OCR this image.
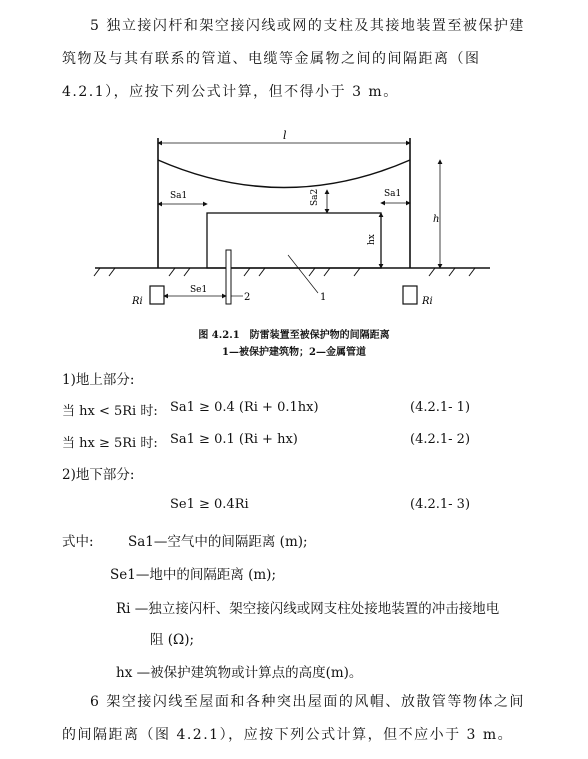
5 独立接闪杆和架空接闪线或网的支柱及其接地装置至被保护建筑物及与其有联系的管道、电缆等金属物之间的间隔距离（图 4.2.1），应按下列公式计算，但不得小于 3 m。

l
Sa1	Sa1
Sa2
hx
h
2	1
Ri	Ri
Se1
图 4.2.1　防雷装置至被保护物的间隔距离
1—被保护建筑物；2—金属管道
1)地上部分:
当 hx < 5Ri 时: Sa1 ≥ 0.4 (Ri + 0.1hx)	(4.2.1- 1)
当 hx ≥ 5Ri 时: Sa1 ≥ 0.1 (Ri + hx)	(4.2.1- 2)
2)地下部分:
Se1 ≥ 0.4Ri	(4.2.1- 3)
式中:	Sa1—空气中的间隔距离 (m);
Se1—地中的间隔距离 (m);
Ri —独立接闪杆、架空接闪线或网支柱处接地装置的冲击接地电
阻 (Ω);
hx —被保护建筑物或计算点的高度(m)。

6 架空接闪线至屋面和各种突出屋面的风帽、放散管等物体之间的间隔距离（图 4.2.1），应按下列公式计算，但不应小于 3 m。
